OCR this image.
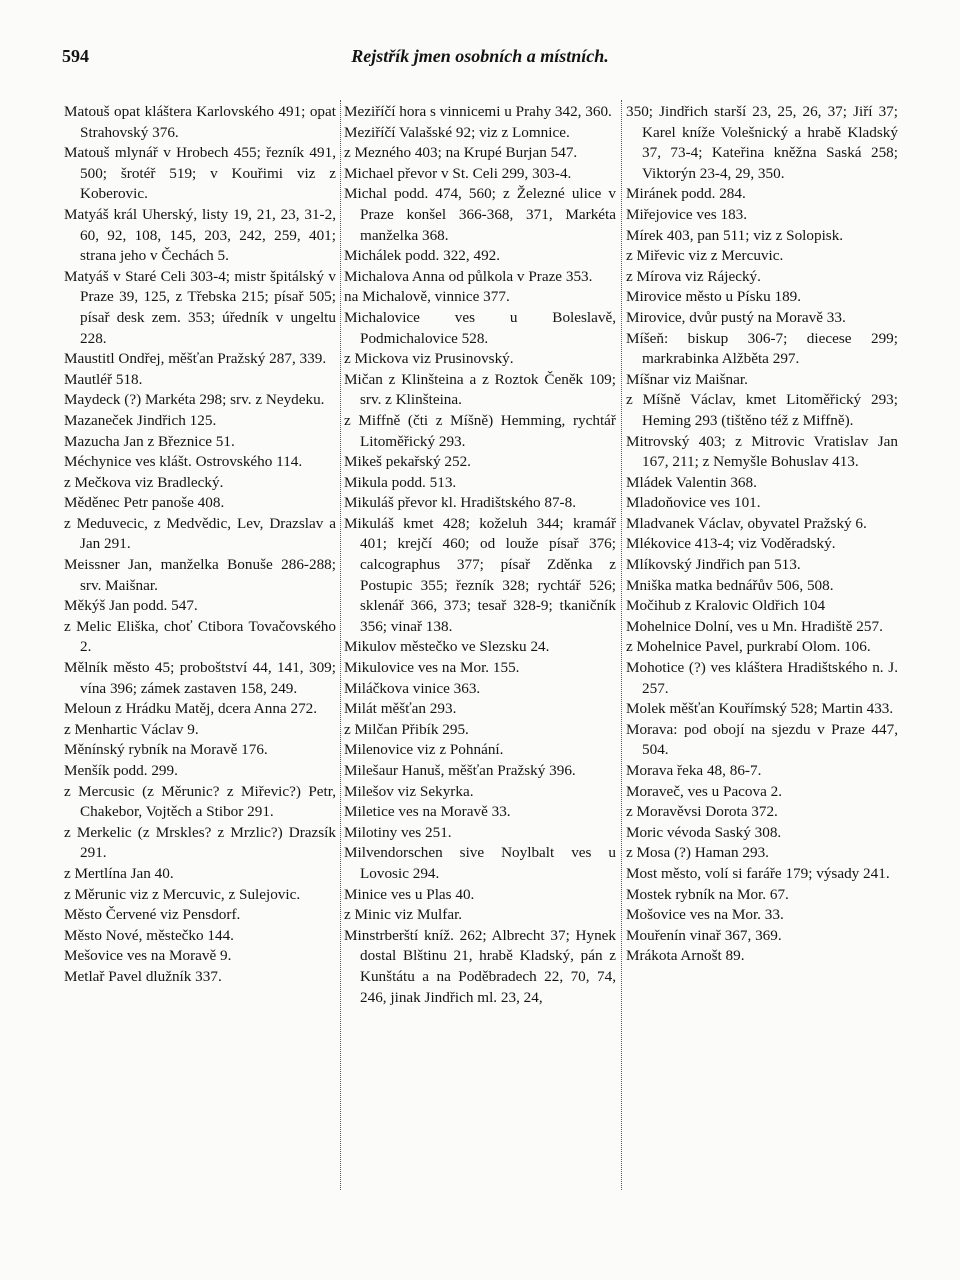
594	Rejstřík jmen osobních a místních.
Matouš opat kláštera Karlovského 491; opat Strahovský 376.
Matouš mlynář v Hrobech 455; řezník 491, 500; šrotéř 519; v Kouřimi viz z Koberovic.
Matyáš král Uherský, listy 19, 21, 23, 31-2, 60, 92, 108, 145, 203, 242, 259, 401; strana jeho v Čechách 5.
Matyáš v Staré Celi 303-4; mistr špitálský v Praze 39, 125, z Třebska 215; písař 505; písař desk zem. 353; úředník v ungeltu 228.
Maustitl Ondřej, měšťan Pražský 287, 339.
Mautléř 518.
Maydeck (?) Markéta 298; srv. z Neydeku.
Mazaneček Jindřich 125.
Mazucha Jan z Březnice 51.
Méchynice ves klášt. Ostrovského 114.
z Mečkova viz Bradlecký.
Měděnec Petr panoše 408.
z Meduvecic, z Medvědic, Lev, Drazslav a Jan 291.
Meissner Jan, manželka Bonuše 286-288; srv. Maišnar.
Měkýš Jan podd. 547.
z Melic Eliška, choť Ctibora Tovačovského 2.
Mělník město 45; proboštství 44, 141, 309; vína 396; zámek zastaven 158, 249.
Meloun z Hrádku Matěj, dcera Anna 272.
z Menhartic Václav 9.
Měnínský rybník na Moravě 176.
Menšík podd. 299.
z Mercusic (z Měrunic? z Miřevic?) Petr, Chakebor, Vojtěch a Stibor 291.
z Merkelic (z Mrskles? z Mrzlic?) Drazsík 291.
z Mertlína Jan 40.
z Měrunic viz z Mercuvic, z Sulejovic.
Město Červené viz Pensdorf.
Město Nové, městečko 144.
Mešovice ves na Moravě 9.
Metlař Pavel dlužník 337.
Meziříčí hora s vinnicemi u Prahy 342, 360.
Meziříčí Valašské 92; viz z Lomnice.
z Mezného 403; na Krupé Burjan 547.
Michael převor v St. Celi 299, 303-4.
Michal podd. 474, 560; z Železné ulice v Praze konšel 366-368, 371, Markéta manželka 368.
Michálek podd. 322, 492.
Michalova Anna od půlkola v Praze 353.
na Michalově, vinnice 377.
Michalovice ves u Boleslavě, Podmichalovice 528.
z Mickova viz Prusinovský.
Mičan z Klinšteina a z Roztok Čeněk 109; srv. z Klinšteina.
z Miffně (čti z Míšně) Hemming, rychtář Litoměřický 293.
Mikeš pekařský 252.
Mikula podd. 513.
Mikuláš převor kl. Hradištského 87-8.
Mikuláš kmet 428; koželuh 344; kramář 401; krejčí 460; od louže písař 376; calcographus 377; písař Zděnka z Postupic 355; řezník 328; rychtář 526; sklenář 366, 373; tesař 328-9; tkaničník 356; vinař 138.
Mikulov městečko ve Slezsku 24.
Mikulovice ves na Mor. 155.
Miláčkova vinice 363.
Milát měšťan 293.
z Milčan Přibík 295.
Milenovice viz z Pohnání.
Milešaur Hanuš, měšťan Pražský 396.
Milešov viz Sekyrka.
Miletice ves na Moravě 33.
Milotiny ves 251.
Milvendorschen sive Noylbalt ves u Lovosic 294.
Minice ves u Plas 40.
z Minic viz Mulfar.
Minstrberští kníž. 262; Albrecht 37; Hynek dostal Blštinu 21, hrabě Kladský, pán z Kunštátu a na Poděbradech 22, 70, 74, 246, jinak Jindřich ml. 23, 24,
350; Jindřich starší 23, 25, 26, 37; Jiří 37; Karel kníže Volešnický a hrabě Kladský 37, 73-4; Kateřina kněžna Saská 258; Viktorýn 23-4, 29, 350.
Miránek podd. 284.
Miřejovice ves 183.
Mírek 403, pan 511; viz z Solopisk.
z Miřevic viz z Mercuvic.
z Mírova viz Rájecký.
Mirovice město u Písku 189.
Mirovice, dvůr pustý na Moravě 33.
Míšeň: biskup 306-7; diecese 299; markrabinka Alžběta 297.
Míšnar viz Maišnar.
z Míšně Václav, kmet Litoměřický 293; Heming 293 (tištěno též z Miffně).
Mitrovský 403; z Mitrovic Vratislav Jan 167, 211; z Nemyšle Bohuslav 413.
Mládek Valentin 368.
Mladoňovice ves 101.
Mladvanek Václav, obyvatel Pražský 6.
Mlékovice 413-4; viz Voděradský.
Mlíkovský Jindřich pan 513.
Mniška matka bednářův 506, 508.
Močihub z Kralovic Oldřich 104
Mohelnice Dolní, ves u Mn. Hradiště 257.
z Mohelnice Pavel, purkrabí Olom. 106.
Mohotice (?) ves kláštera Hradištského n. J. 257.
Molek měšťan Kouřímský 528; Martin 433.
Morava: pod obojí na sjezdu v Praze 447, 504.
Morava řeka 48, 86-7.
Moraveč, ves u Pacova 2.
z Moravěvsi Dorota 372.
Moric vévoda Saský 308.
z Mosa (?) Haman 293.
Most město, volí si faráře 179; výsady 241.
Mostek rybník na Mor. 67.
Mošovice ves na Mor. 33.
Mouřenín vinař 367, 369.
Mrákota Arnošt 89.
